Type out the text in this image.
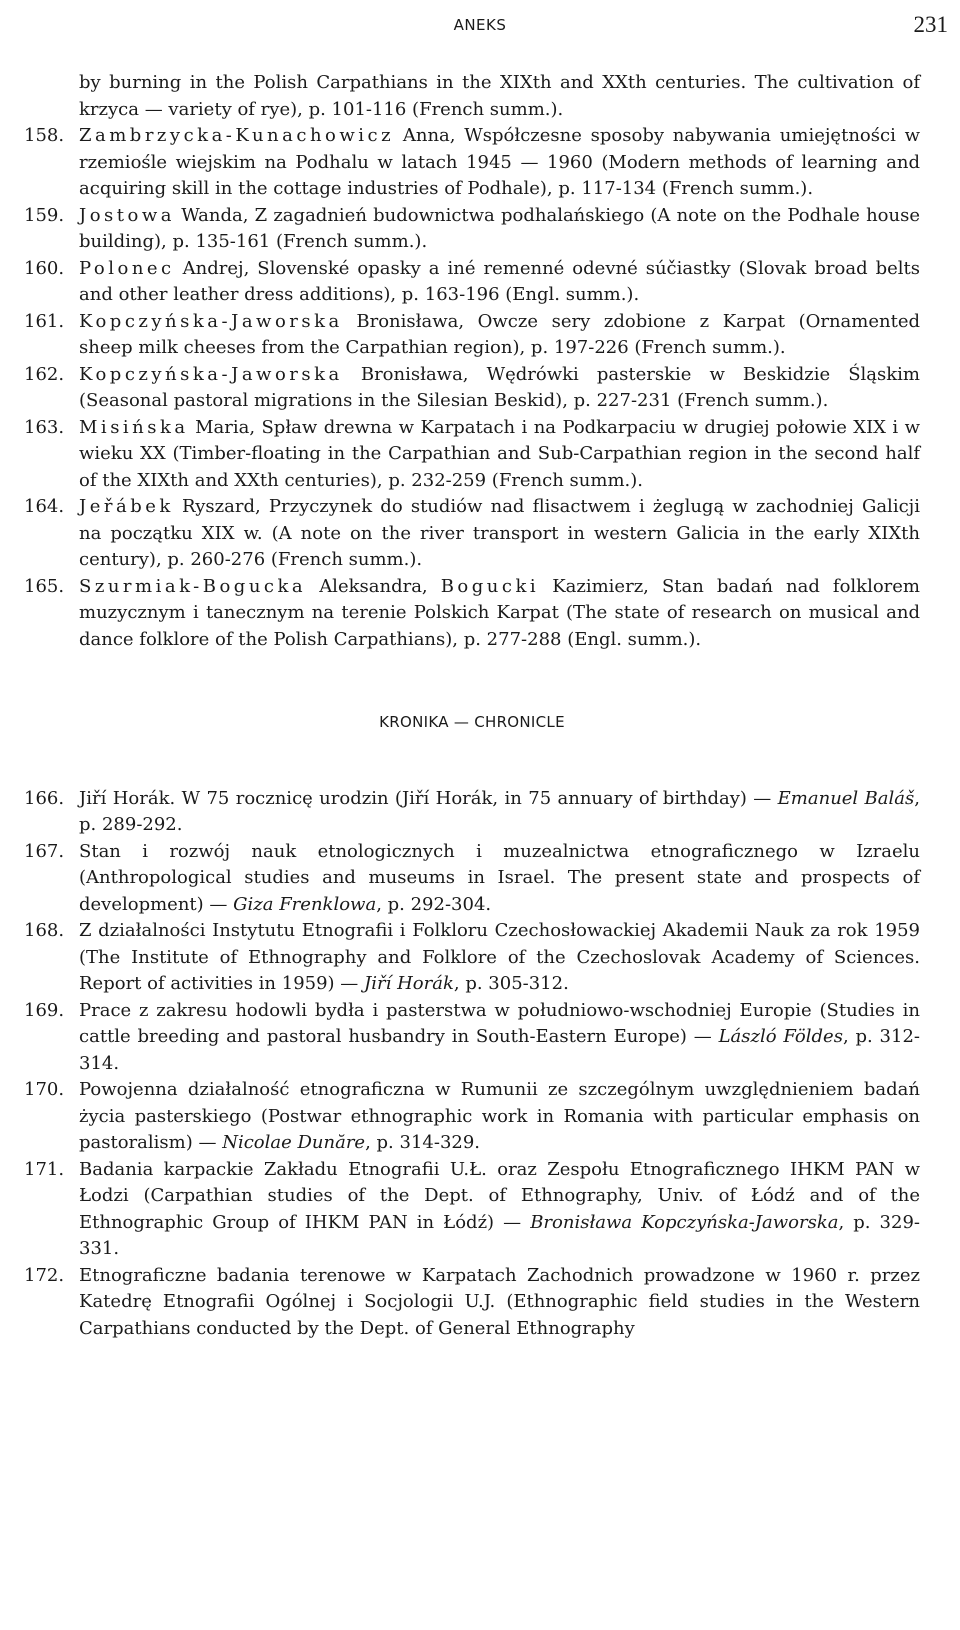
ANEKS	231
by burning in the Polish Carpathians in the XIXth and XXth centuries. The cultivation of krzyca — variety of rye), p. 101-116 (French summ.).
158. Zambrzycka-Kunachowicz Anna, Współczesne sposoby nabywania umiejętności w rzemiośle wiejskim na Podhalu w latach 1945 — 1960 (Modern methods of learning and acquiring skill in the cottage industries of Podhale), p. 117-134 (French summ.).
159. Jostowa Wanda, Z zagadnień budownictwa podhalańskiego (A note on the Podhale house building), p. 135-161 (French summ.).
160. Polonec Andrej, Slovenské opasky a iné remenné odevné súčiastky (Slovak broad belts and other leather dress additions), p. 163-196 (Engl. summ.).
161. Kopczyńska-Jaworska Bronisława, Owcze sery zdobione z Karpat (Ornamented sheep milk cheeses from the Carpathian region), p. 197-226 (French summ.).
162. Kopczyńska-Jaworska Bronisława, Wędrówki pasterskie w Beskidzie Śląskim (Seasonal pastoral migrations in the Silesian Beskid), p. 227-231 (French summ.).
163. Misińska Maria, Spław drewna w Karpatach i na Podkarpaciu w drugiej połowie XIX i w wieku XX (Timber-floating in the Carpathian and Sub-Carpathian region in the second half of the XIXth and XXth centuries), p. 232-259 (French summ.).
164. Jeřábek Ryszard, Przyczynek do studiów nad flisactwem i żeglugą w zachodniej Galicji na początku XIX w. (A note on the river transport in western Galicia in the early XIXth century), p. 260-276 (French summ.).
165. Szurmiak-Bogucka Aleksandra, Bogucki Kazimierz, Stan badań nad folklorem muzycznym i tanecznym na terenie Polskich Karpat (The state of research on musical and dance folklore of the Polish Carpathians), p. 277-288 (Engl. summ.).
KRONIKA — CHRONICLE
166. Jiří Horák. W 75 rocznicę urodzin (Jiří Horák, in 75 annuary of birthday) — Emanuel Baláš, p. 289-292.
167. Stan i rozwój nauk etnologicznych i muzealnictwa etnograficznego w Izraelu (Anthropological studies and museums in Israel. The present state and prospects of development) — Giza Frenklowa, p. 292-304.
168. Z działalności Instytutu Etnografii i Folkloru Czechosłowackiej Akademii Nauk za rok 1959 (The Institute of Ethnography and Folklore of the Czechoslovak Academy of Sciences. Report of activities in 1959) — Jiří Horák, p. 305-312.
169. Prace z zakresu hodowli bydła i pasterstwa w południowo-wschodniej Europie (Studies in cattle breeding and pastoral husbandry in South-Eastern Europe) — László Földes, p. 312-314.
170. Powojenna działalność etnograficzna w Rumunii ze szczególnym uwzględnieniem badań życia pasterskiego (Postwar ethnographic work in Romania with particular emphasis on pastoralism) — Nicolae Dunăre, p. 314-329.
171. Badania karpackie Zakładu Etnografii U.Ł. oraz Zespołu Etnograficznego IHKM PAN w Łodzi (Carpathian studies of the Dept. of Ethnography, Univ. of Łódź and of the Ethnographic Group of IHKM PAN in Łódź) — Bronisława Kopczyńska-Jaworska, p. 329-331.
172. Etnograficzne badania terenowe w Karpatach Zachodnich prowadzone w 1960 r. przez Katedrę Etnografii Ogólnej i Socjologii U.J. (Ethnographic field studies in the Western Carpathians conducted by the Dept. of General Ethnography
